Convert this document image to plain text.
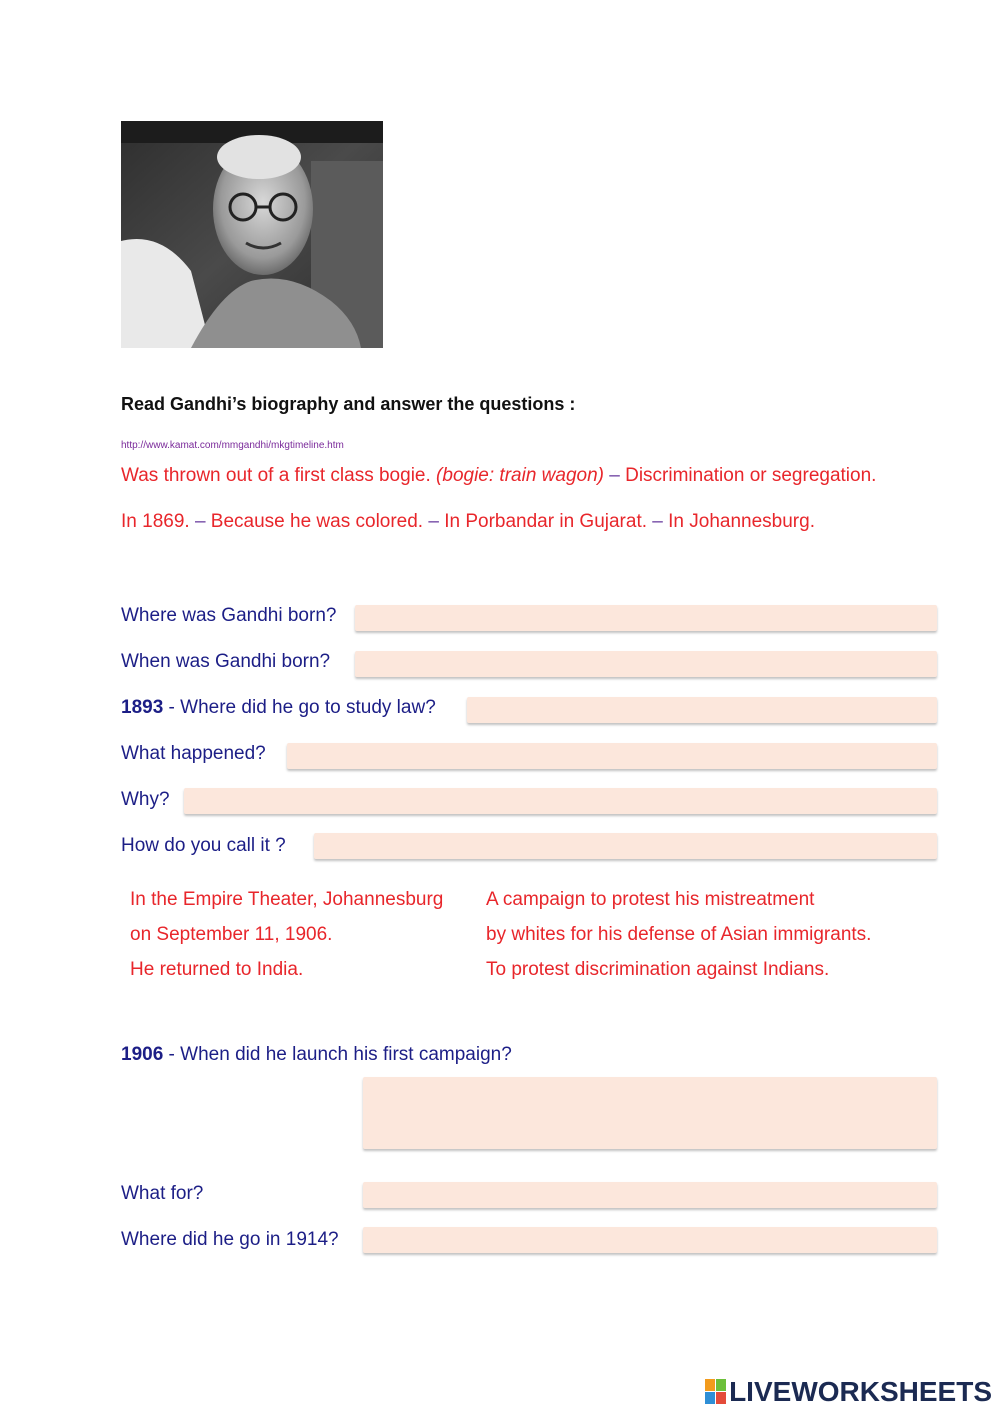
Read Gandhi’s biography and answer the questions :
http://www.kamat.com/mmgandhi/mkgtimeline.htm
Was thrown out of a first class bogie. (bogie: train wagon) – Discrimination or segregation.
In 1869. – Because he was colored. – In Porbandar in Gujarat. – In Johannesburg.
Where was Gandhi born?
When was Gandhi born?
1893 - Where did he go to study law?
What happened?
Why?
How do you call it ?
In the Empire Theater, Johannesburg
on September 11, 1906.
He returned to India.
A campaign to protest his mistreatment
by whites for his defense of Asian immigrants.
To protest discrimination against Indians.
1906 - When did he launch his first campaign?
What for?
Where did he go in 1914?
LIVEWORKSHEETS
